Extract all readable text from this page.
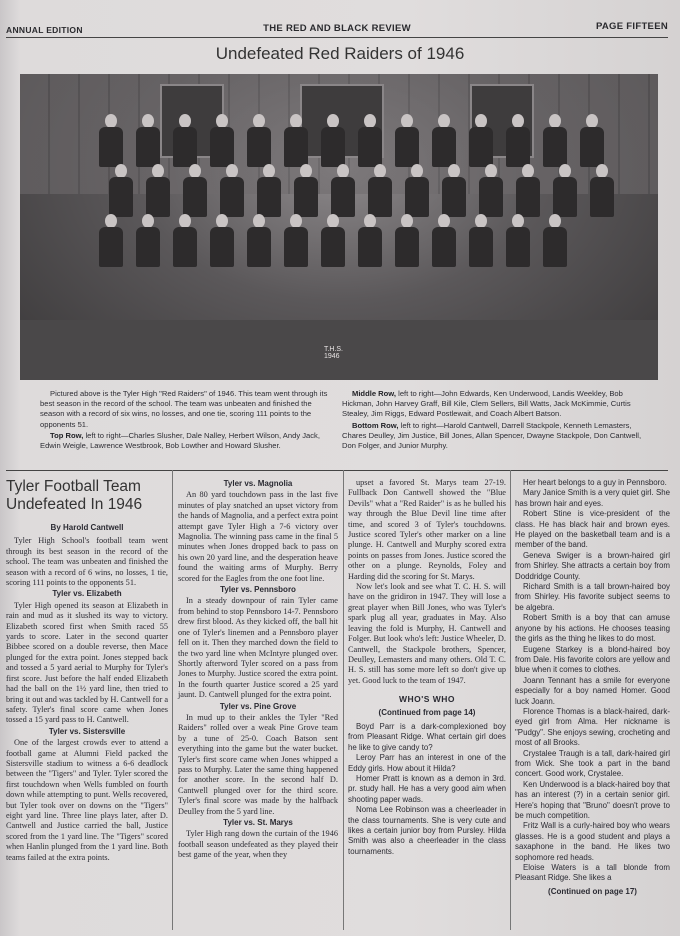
ANNUAL EDITION	THE RED AND BLACK REVIEW	PAGE FIFTEEN
Undefeated Red Raiders of 1946
T.H.S.
1946

Pictured above is the Tyler High "Red Raiders" of 1946. This team went through its best season in the record of the school. The team was unbeaten and finished the season with a record of six wins, no losses, and one tie, scoring 111 points to the opponents 51.

Top Row, left to right—Charles Slusher, Dale Nalley, Herbert Wilson, Andy Jack, Edwin Weigle, Lawrence Westbrook, Bob Lowther and Howard Slusher.

Middle Row, left to right—John Edwards, Ken Underwood, Landis Weekley, Bob Hickman, John Harvey Graff, Bill Kile, Clem Sellers, Bill Watts, Jack McKimmie, Curtis Stealey, Jim Riggs, Edward Postlewait, and Coach Albert Batson.

Bottom Row, left to right—Harold Cantwell, Darrell Stackpole, Kenneth Lemasters, Chares Deulley, Jim Justice, Bill Jones, Allan Spencer, Dwayne Stackpole, Don Cantwell, Don Folger, and Junior Murphy.

Tyler Football Team Undefeated In 1946
By Harold Cantwell

Tyler High School's football team went through its best season in the record of the school. The team was unbeaten and finished the season with a record of 6 wins, no losses, 1 tie, scoring 111 points to the opponents 51.

Tyler vs. Elizabeth

Tyler High opened its season at Elizabeth in rain and mud as it slushed its way to victory. Elizabeth scored first when Smith raced 55 yards to score. Later in the second quarter Bibbee scored on a double reverse, then Mace plunged for the extra point. Jones stepped back and tossed a 5 yard aerial to Murphy for Tyler's first score. Just before the half ended Elizabeth had the ball on the 1½ yard line, then tried to bring it out and was tackled by H. Cantwell for a safety. Tyler's final score came when Jones tossed a 15 yard pass to H. Cantwell.

Tyler vs. Sistersville

One of the largest crowds ever to attend a football game at Alumni Field packed the Sistersville stadium to witness a 6-6 deadlock between the "Tigers" and Tyler. Tyler scored the first touchdown when Wells fumbled on fourth down while attempting to punt. Wells recovered, but Tyler took over on downs on the "Tigers" eight yard line. Three line plays later, after D. Cantwell and Justice carried the ball, Justice scored from the 1 yard line. The "Tigers" scored when Hanlin plunged from the 1 yard line. Both teams failed at the extra points.

Tyler vs. Magnolia

An 80 yard touchdown pass in the last five minutes of play snatched an upset victory from the hands of Magnolia, and a perfect extra point attempt gave Tyler High a 7-6 victory over Magnolia. The winning pass came in the final 5 minutes when Jones dropped back to pass on his own 20 yard line, and the desperation heave found the waiting arms of Murphy. Berry scored for the Eagles from the one foot line.

Tyler vs. Pennsboro

In a steady downpour of rain Tyler came from behind to stop Pennsboro 14-7. Pennsboro drew first blood. As they kicked off, the ball hit one of Tyler's linemen and a Pennsboro player fell on it. Then they marched down the field to the two yard line when McIntyre plunged over. Shortly afterword Tyler scored on a pass from Jones to Murphy. Justice scored the extra point. In the fourth quarter Justice scored a 25 yard jaunt. D. Cantwell plunged for the extra point.

Tyler vs. Pine Grove

In mud up to their ankles the Tyler "Red Raiders" rolled over a weak Pine Grove team by a tune of 25-0. Coach Batson sent everything into the game but the water bucket. Tyler's first score came when Jones whipped a pass to Murphy. Later the same thing happened for another score. In the second half D. Cantwell plunged over for the third score. Tyler's final score was made by the halfback Deulley from the 5 yard line.

Tyler vs. St. Marys

Tyler High rang down the curtain of the 1946 football season undefeated as they played their best game of the year, when they

upset a favored St. Marys team 27-19. Fullback Don Cantwell showed the "Blue Devils" what a "Red Raider" is as he bulled his way through the Blue Devil line time after time, and scored 3 of Tyler's touchdowns. Justice scored Tyler's other marker on a line plunge. H. Cantwell and Murphy scored extra points on passes from Jones. Justice scored the other on a plunge. Reynolds, Foley and Harding did the scoring for St. Marys.

Now let's look and see what T. C. H. S. will have on the gridiron in 1947. They will lose a great player when Bill Jones, who was Tyler's spark plug all year, graduates in May. Also leaving the fold is Murphy, H. Cantwell and Folger. But look who's left: Justice Wheeler, D. Cantwell, the Stackpole brothers, Spencer, Deulley, Lemasters and many others. Old T. C. H. S. still has some more left so don't give up yet. Good luck to the team of 1947.

WHO'S WHO
(Continued from page 14)

Boyd Parr is a dark-complexioned boy from Pleasant Ridge. What certain girl does he like to give candy to?

Leroy Parr has an interest in one of the Eddy girls. How about it Hilda?

Homer Pratt is known as a demon in 3rd. pr. study hall. He has a very good aim when shooting paper wads.

Noma Lee Robinson was a cheerleader in the class tournaments. She is very cute and likes a certain junior boy from Pursley. Hilda Smith was also a cheerleader in the class tournaments.

Her heart belongs to a guy in Pennsboro.

Mary Janice Smith is a very quiet girl. She has brown hair and eyes.

Robert Stine is vice-president of the class. He has black hair and brown eyes. He played on the basketball team and is a member of the band.

Geneva Swiger is a brown-haired girl from Shirley. She attracts a certain boy from Doddridge County.

Richard Smith is a tall brown-haired boy from Shirley. His favorite subject seems to be algebra.

Robert Smith is a boy that can amuse anyone by his actions. He chooses teasing the girls as the thing he likes to do most.

Eugene Starkey is a blond-haired boy from Dale. His favorite colors are yellow and blue when it comes to clothes.

Joann Tennant has a smile for everyone especially for a boy named Homer. Good luck Joann.

Florence Thomas is a black-haired, dark-eyed girl from Alma. Her nickname is "Pudgy". She enjoys sewing, crocheting and most of all Brooks.

Crystalee Traugh is a tall, dark-haired girl from Wick. She took a part in the band concert. Good work, Crystalee.

Ken Underwood is a black-haired boy that has an interest (?) in a certain senior girl. Here's hoping that "Bruno" doesn't prove to be much competition.

Fritz Wall is a curly-haired boy who wears glasses. He is a good student and plays a saxaphone in the band. He likes two sophomore red heads.

Eloise Waters is a tall blonde from Pleasant Ridge. She likes a

(Continued on page 17)
